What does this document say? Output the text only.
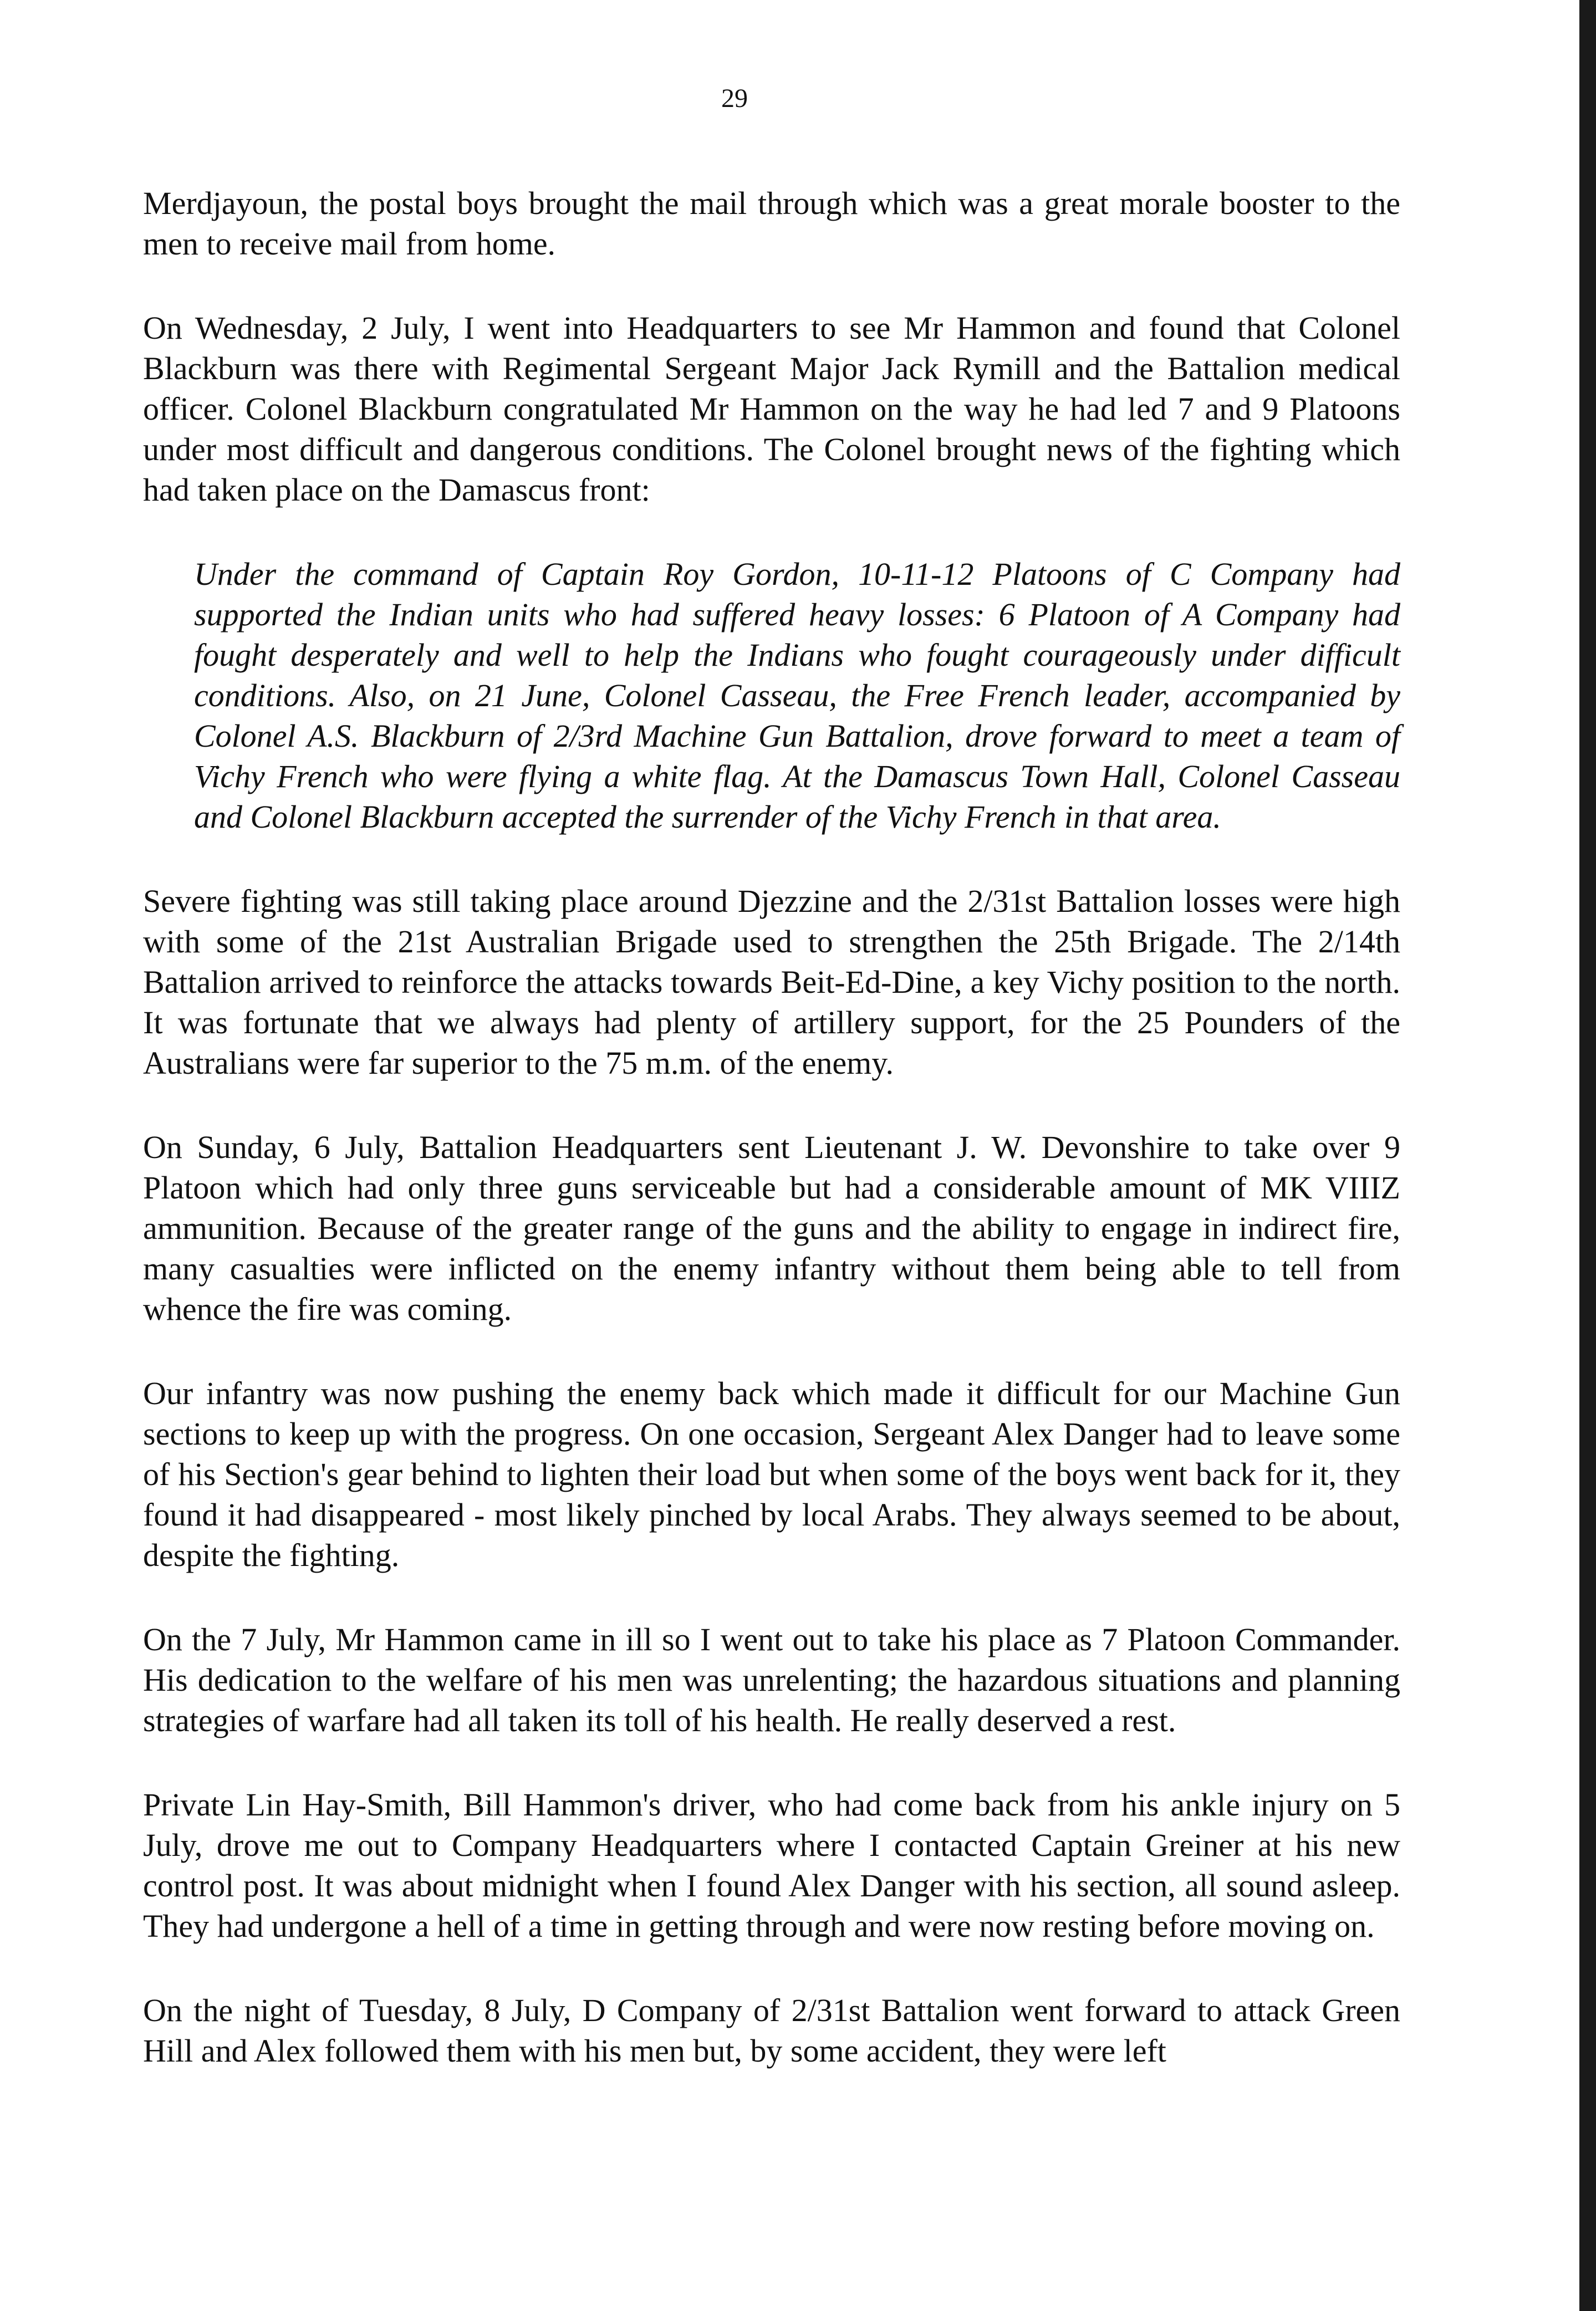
29

Merdjayoun, the postal boys brought the mail through which was a great morale booster to the men to receive mail from home.

On Wednesday, 2 July, I went into Headquarters to see Mr Hammon and found that Colonel Blackburn was there with Regimental Sergeant Major Jack Rymill and the Battalion medical officer. Colonel Blackburn congratulated Mr Hammon on the way he had led 7 and 9 Platoons under most difficult and dangerous conditions. The Colonel brought news of the fighting which had taken place on the Damascus front:

Under the command of Captain Roy Gordon, 10-11-12 Platoons of C Company had supported the Indian units who had suffered heavy losses: 6 Platoon of A Company had fought desperately and well to help the Indians who fought courageously under difficult conditions. Also, on 21 June, Colonel Casseau, the Free French leader, accompanied by Colonel A.S. Blackburn of 2/3rd Machine Gun Battalion, drove forward to meet a team of Vichy French who were flying a white flag. At the Damascus Town Hall, Colonel Casseau and Colonel Blackburn accepted the surrender of the Vichy French in that area.

Severe fighting was still taking place around Djezzine and the 2/31st Battalion losses were high with some of the 21st Australian Brigade used to strengthen the 25th Brigade. The 2/14th Battalion arrived to reinforce the attacks towards Beit-Ed-Dine, a key Vichy position to the north. It was fortunate that we always had plenty of artillery support, for the 25 Pounders of the Australians were far superior to the 75 m.m. of the enemy.

On Sunday, 6 July, Battalion Headquarters sent Lieutenant J. W. Devonshire to take over 9 Platoon which had only three guns serviceable but had a considerable amount of MK VIIIZ ammunition. Because of the greater range of the guns and the ability to engage in indirect fire, many casualties were inflicted on the enemy infantry without them being able to tell from whence the fire was coming.

Our infantry was now pushing the enemy back which made it difficult for our Machine Gun sections to keep up with the progress. On one occasion, Sergeant Alex Danger had to leave some of his Section's gear behind to lighten their load but when some of the boys went back for it, they found it had disappeared - most likely pinched by local Arabs. They always seemed to be about, despite the fighting.

On the 7 July, Mr Hammon came in ill so I went out to take his place as 7 Platoon Commander. His dedication to the welfare of his men was unrelenting; the hazardous situations and planning strategies of warfare had all taken its toll of his health. He really deserved a rest.

Private Lin Hay-Smith, Bill Hammon's driver, who had come back from his ankle injury on 5 July, drove me out to Company Headquarters where I contacted Captain Greiner at his new control post. It was about midnight when I found Alex Danger with his section, all sound asleep. They had undergone a hell of a time in getting through and were now resting before moving on.

On the night of Tuesday, 8 July, D Company of 2/31st Battalion went forward to attack Green Hill and Alex followed them with his men but, by some accident, they were left
